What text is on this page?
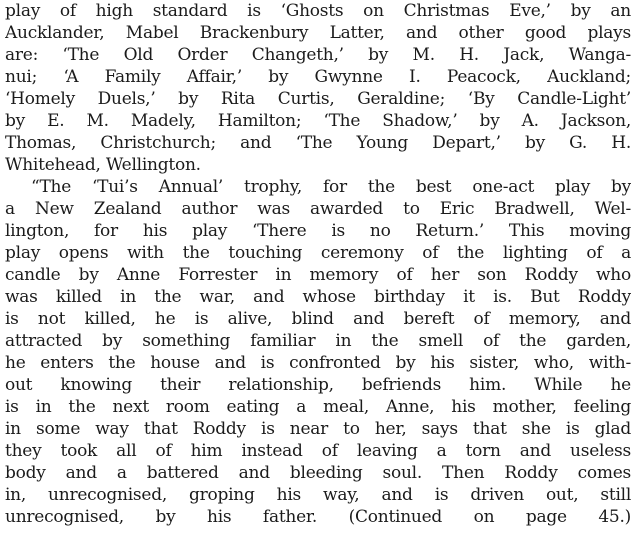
play of high standard is ‘Ghosts on Christmas Eve,’ by an
Aucklander, Mabel Brackenbury Latter, and other good plays
are: ‘The Old Order Changeth,’ by M. H. Jack, Wanga-
nui; ‘A Family Affair,’ by Gwynne I. Peacock, Auckland;
‘Homely Duels,’ by Rita Curtis, Geraldine; ‘By Candle-Light’
by E. M. Madely, Hamilton; ‘The Shadow,’ by A. Jackson,
Thomas, Christchurch; and ‘The Young Depart,’ by G. H.
Whitehead, Wellington.
“The ‘Tui’s Annual’ trophy, for the best one-act play by
a New Zealand author was awarded to Eric Bradwell, Wel-
lington, for his play ‘There is no Return.’ This moving
play opens with the touching ceremony of the lighting of a
candle by Anne Forrester in memory of her son Roddy who
was killed in the war, and whose birthday it is. But Roddy
is not killed, he is alive, blind and bereft of memory, and
attracted by something familiar in the smell of the garden,
he enters the house and is confronted by his sister, who, with-
out knowing their relationship, befriends him. While he
is in the next room eating a meal, Anne, his mother, feeling
in some way that Roddy is near to her, says that she is glad
they took all of him instead of leaving a torn and useless
body and a battered and bleeding soul. Then Roddy comes
in, unrecognised, groping his way, and is driven out, still
unrecognised, by his father. (Continued on page 45.)
